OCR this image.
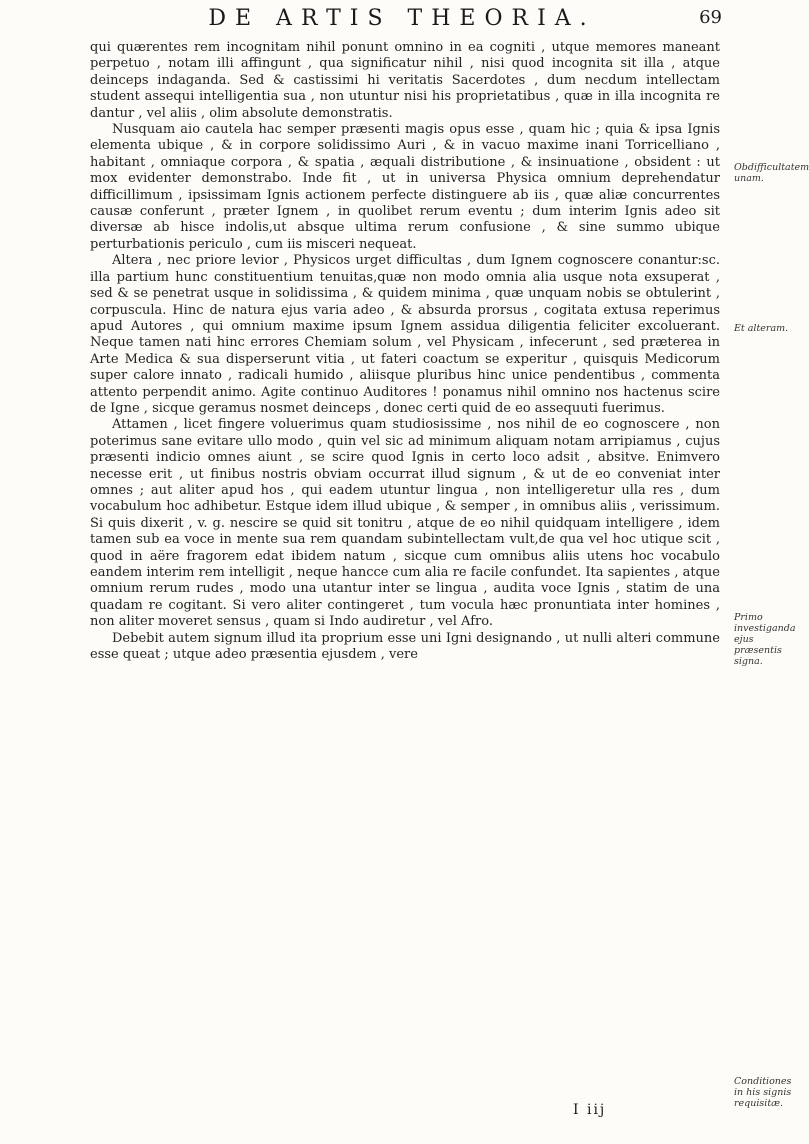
DE ARTIS THEORIA.	69

qui quærentes rem incognitam nihil ponunt omnino in ea cogniti , utque memores maneant perpetuo , notam illi affingunt , qua significatur nihil , nisi quod incognita sit illa , atque deinceps indaganda. Sed & castissimi hi veritatis Sacerdotes , dum necdum intellectam student assequi intelligentia sua , non utuntur nisi his proprietatibus , quæ in illa incognita re dantur , vel aliis , olim absolute demonstratis.

Nusquam aio cautela hac semper præsenti magis opus esse , quam hic ; quia & ipsa Ignis elementa ubique , & in corpore solidissimo Auri , & in vacuo maxime inani Torricelliano , habitant , omniaque corpora , & spatia , æquali distributione , & insinuatione , obsident : ut mox evidenter demonstrabo. Inde fit , ut in universa Physica omnium deprehendatur difficillimum , ipsissimam Ignis actionem perfecte distinguere ab iis , quæ aliæ concurrentes causæ conferunt , præter Ignem , in quolibet rerum eventu ; dum interim Ignis adeo sit diversæ ab hisce indolis,ut absque ultima rerum confusione , & sine summo ubique perturbationis periculo , cum iis misceri nequeat.

Altera , nec priore levior , Physicos urget difficultas , dum Ignem cognoscere conantur:sc. illa partium hunc constituentium tenuitas,quæ non modo omnia alia usque nota exsuperat , sed & se penetrat usque in solidissima , & quidem minima , quæ unquam nobis se obtulerint , corpuscula. Hinc de natura ejus varia adeo , & absurda prorsus , cogitata extusa reperimus apud Autores , qui omnium maxime ipsum Ignem assidua diligentia feliciter excoluerant. Neque tamen nati hinc errores Chemiam solum , vel Physicam , infecerunt , sed præterea in Arte Medica & sua disperserunt vitia , ut fateri coactum se experitur , quisquis Medicorum super calore innato , radicali humido , aliisque pluribus hinc unice pendentibus , commenta attento perpendit animo. Agite continuo Auditores ! ponamus nihil omnino nos hactenus scire de Igne , sicque geramus nosmet deinceps , donec certi quid de eo assequuti fuerimus.

Attamen , licet fingere voluerimus quam studiosissime , nos nihil de eo cognoscere , non poterimus sane evitare ullo modo , quin vel sic ad minimum aliquam notam arripiamus , cujus præsenti indicio omnes aiunt , se scire quod Ignis in certo loco adsit , absitve. Enimvero necesse erit , ut finibus nostris obviam occurrat illud signum , & ut de eo conveniat inter omnes ; aut aliter apud hos , qui eadem utuntur lingua , non intelligeretur ulla res , dum vocabulum hoc adhibetur. Estque idem illud ubique , & semper , in omnibus aliis , verissimum. Si quis dixerit , v. g. nescire se quid sit tonitru , atque de eo nihil quidquam intelligere , idem tamen sub ea voce in mente sua rem quandam subintellectam vult,de qua vel hoc utique scit , quod in aëre fragorem edat ibidem natum , sicque cum omnibus aliis utens hoc vocabulo eandem interim rem intelligit , neque hancce cum alia re facile confundet. Ita sapientes , atque omnium rerum rudes , modo una utantur inter se lingua , audita voce Ignis , statim de una quadam re cogitant. Si vero aliter contingeret , tum vocula hæc pronuntiata inter homines , non aliter moveret sensus , quam si Indo audiretur , vel Afro.

Debebit autem signum illud ita proprium esse uni Igni designando , ut nulli alteri commune esse queat ; utque adeo præsentia ejusdem , vere

Obdifficultatem unam.
Et alteram.
Primo investiganda ejus præsentis signa.
Conditiones in his signis requisitæ.
I iij
